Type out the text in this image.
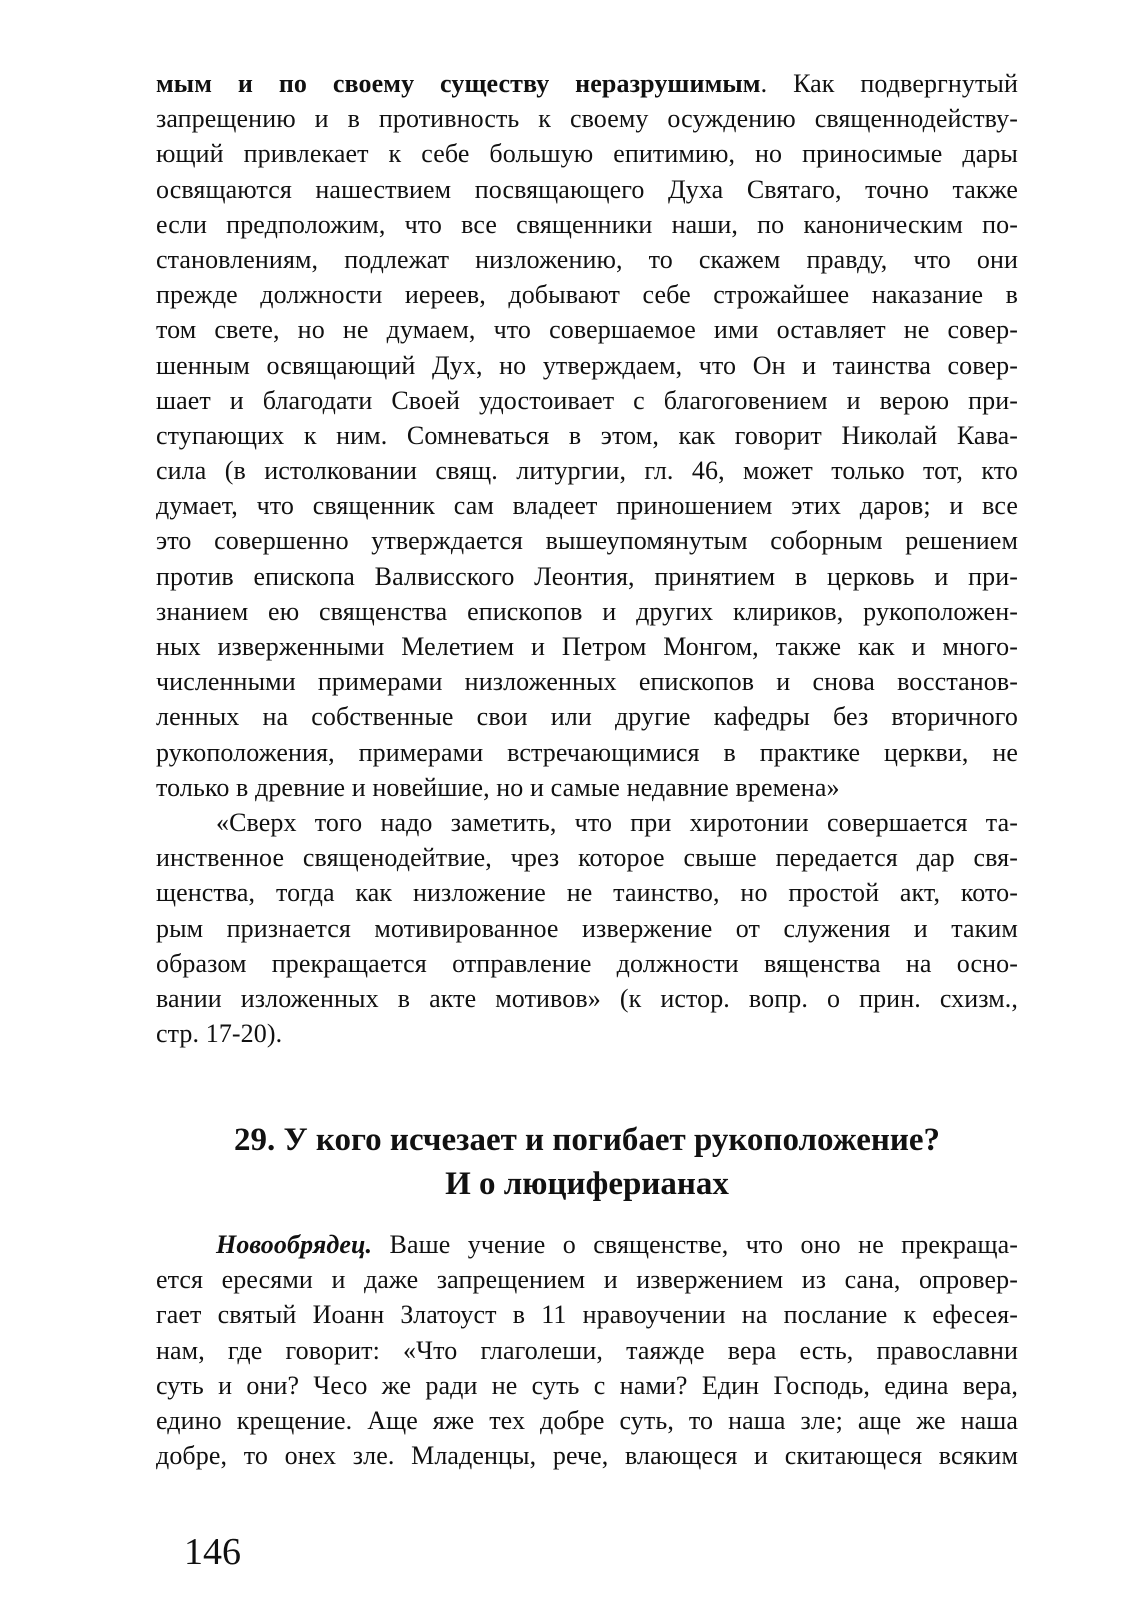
мым и по своему существу неразрушимым. Как подвергнутый
запрещению и в противность к своему осуждению священнодейству-
ющий привлекает к себе большую епитимию, но приносимые дары
освящаются нашествием посвящающего Духа Святаго, точно также
если предположим, что все священники наши, по каноническим по-
становлениям, подлежат низложению, то скажем правду, что они
прежде должности иереев, добывают себе строжайшее наказание в
том свете, но не думаем, что совершаемое ими оставляет не совер-
шенным освящающий Дух, но утверждаем, что Он и таинства совер-
шает и благодати Своей удостоивает с благоговением и верою при-
ступающих к ним. Сомневаться в этом, как говорит Николай Кава-
сила (в истолковании свящ. литургии, гл. 46, может только тот, кто
думает, что священник сам владеет приношением этих даров; и все
это совершенно утверждается вышеупомянутым соборным решением
против епископа Валвисского Леонтия, принятием в церковь и при-
знанием ею священства епископов и других клириков, рукоположен-
ных изверженными Мелетием и Петром Монгом, также как и много-
численными примерами низложенных епископов и снова восстанов-
ленных на собственные свои или другие кафедры без вторичного
рукоположения, примерами встречающимися в практике церкви, не
только в древние и новейшие, но и самые недавние времена»
«Сверх того надо заметить, что при хиротонии совершается та-
инственное священодейтвие, чрез которое свыше передается дар свя-
щенства, тогда как низложение не таинство, но простой акт, кото-
рым признается мотивированное извержение от служения и таким
образом прекращается отправление должности вященства на осно-
вании изложенных в акте мотивов» (к истор. вопр. о прин. схизм.,
стр. 17-20).
29. У кого исчезает и погибает рукоположение?
И о люциферианах
Новообрядец. Ваше учение о священстве, что оно не прекраща-
ется ересями и даже запрещением и извержением из сана, опровер-
гает святый Иоанн Златоуст в 11 нравоучении на послание к ефесея-
нам, где говорит: «Что глаголеши, таяжде вера есть, православни
суть и они? Чесо же ради не суть с нами? Един Господь, едина вера,
едино крещение. Аще яже тех добре суть, то наша зле; аще же наша
добре, то онех зле. Младенцы, рече, влающеся и скитающеся всяким
146
